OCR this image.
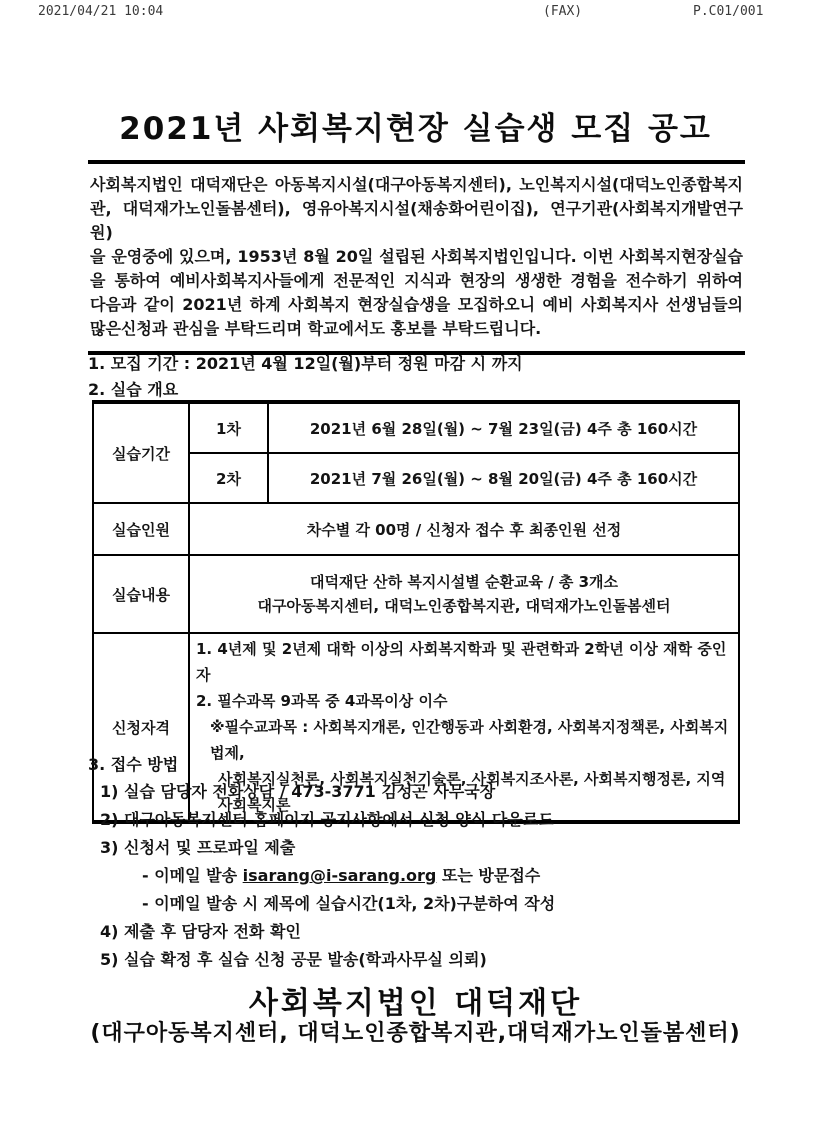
2021/04/21 10:04	(FAX)	P.C01/001
2021년 사회복지현장 실습생 모집 공고
사회복지법인 대덕재단은 아동복지시설(대구아동복지센터), 노인복지시설(대덕노인종합복지
관, 대덕재가노인돌봄센터), 영유아복지시설(채송화어린이집), 연구기관(사회복지개발연구원)
을 운영중에 있으며, 1953년 8월 20일 설립된 사회복지법인입니다. 이번 사회복지현장실습
을 통하여 예비사회복지사들에게 전문적인 지식과 현장의 생생한 경험을 전수하기 위하여
다음과 같이 2021년 하계 사회복지 현장실습생을 모집하오니 예비 사회복지사 선생님들의
많은신청과 관심을 부탁드리며 학교에서도 홍보를 부탁드립니다.
1. 모집 기간 : 2021년 4월 12일(월)부터 정원 마감 시 까지
2. 실습 개요
실습기간	1차	2021년 6월 28일(월) ~ 7월 23일(금) 4주 총 160시간
	2차	2021년 7월 26일(월) ~ 8월 20일(금) 4주 총 160시간
실습인원	차수별 각 00명 / 신청자 접수 후 최종인원 선정	
실습내용	대덕재단 산하 복지시설별 순환교육 / 총 3개소
대구아동복지센터, 대덕노인종합복지관, 대덕재가노인돌봄센터	

신청자격	1. 4년제 및 2년제 대학 이상의 사회복지학과 및 관련학과 2학년 이상 재학 중인 자
2. 필수과목 9과목 중 4과목이상 이수
※필수교과목 : 사회복지개론, 인간행동과 사회환경, 사회복지정책론, 사회복지법제,
사회복지실천론, 사회복지실천기술론, 사회복지조사론, 사회복지행정론, 지역사회복지론	
3. 접수 방법
1) 실습 담당자 전화상담 / 473-3771 김성곤 사무국장
2) 대구아동복지센터 홈페이지 공지사항에서 신청 양식 다운로드
3) 신청서 및 프로파일 제출
- 이메일 발송 isarang@i-sarang.org 또는 방문접수
- 이메일 발송 시 제목에 실습시간(1차, 2차)구분하여 작성
4) 제출 후 담당자 전화 확인
5) 실습 확정 후 실습 신청 공문 발송(학과사무실 의뢰)
사회복지법인 대덕재단
(대구아동복지센터, 대덕노인종합복지관,대덕재가노인돌봄센터)
